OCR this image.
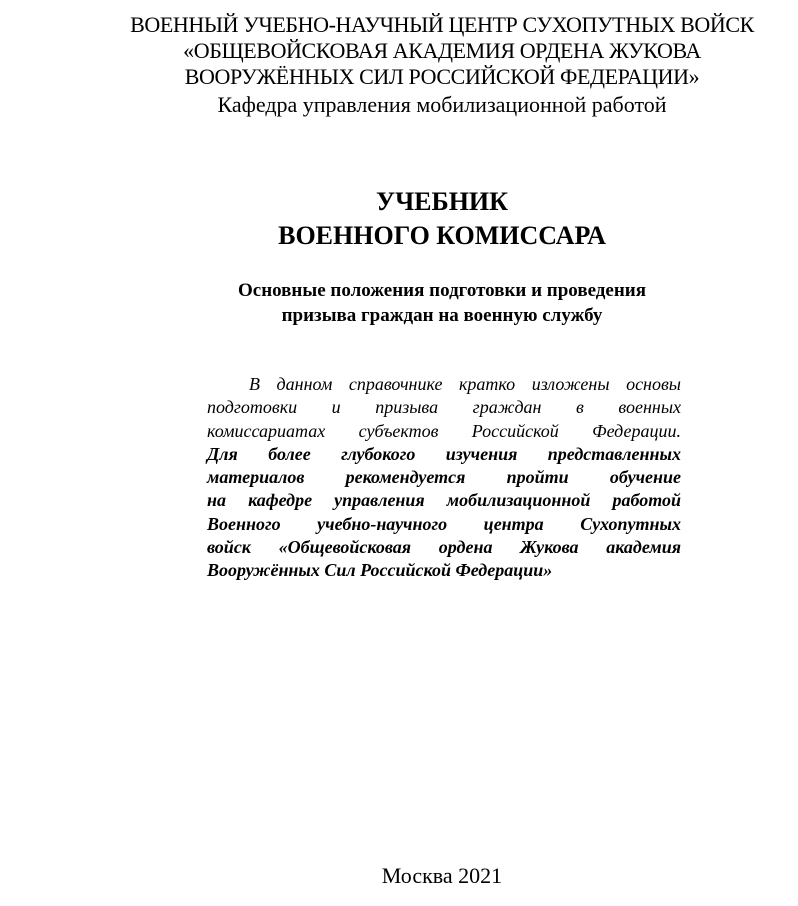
ВОЕННЫЙ УЧЕБНО-НАУЧНЫЙ ЦЕНТР СУХОПУТНЫХ ВОЙСК
«ОБЩЕВОЙСКОВАЯ АКАДЕМИЯ ОРДЕНА ЖУКОВА
ВООРУЖЁННЫХ СИЛ РОССИЙСКОЙ ФЕДЕРАЦИИ»

Кафедра управления мобилизационной работой

УЧЕБНИК
ВОЕННОГО КОМИССАРА
Основные положения подготовки и проведения
призыва граждан на военную службу
В данном справочнике кратко изложены основы
подготовки и призыва граждан в военных
комиссариатах субъектов Российской Федерации.
Для более глубокого изучения представленных
материалов рекомендуется пройти обучение
на кафедре управления мобилизационной работой
Военного учебно-научного центра Сухопутных
войск «Общевойсковая ордена Жукова академия
Вооружённых Сил Российской Федерации»

Москва 2021
